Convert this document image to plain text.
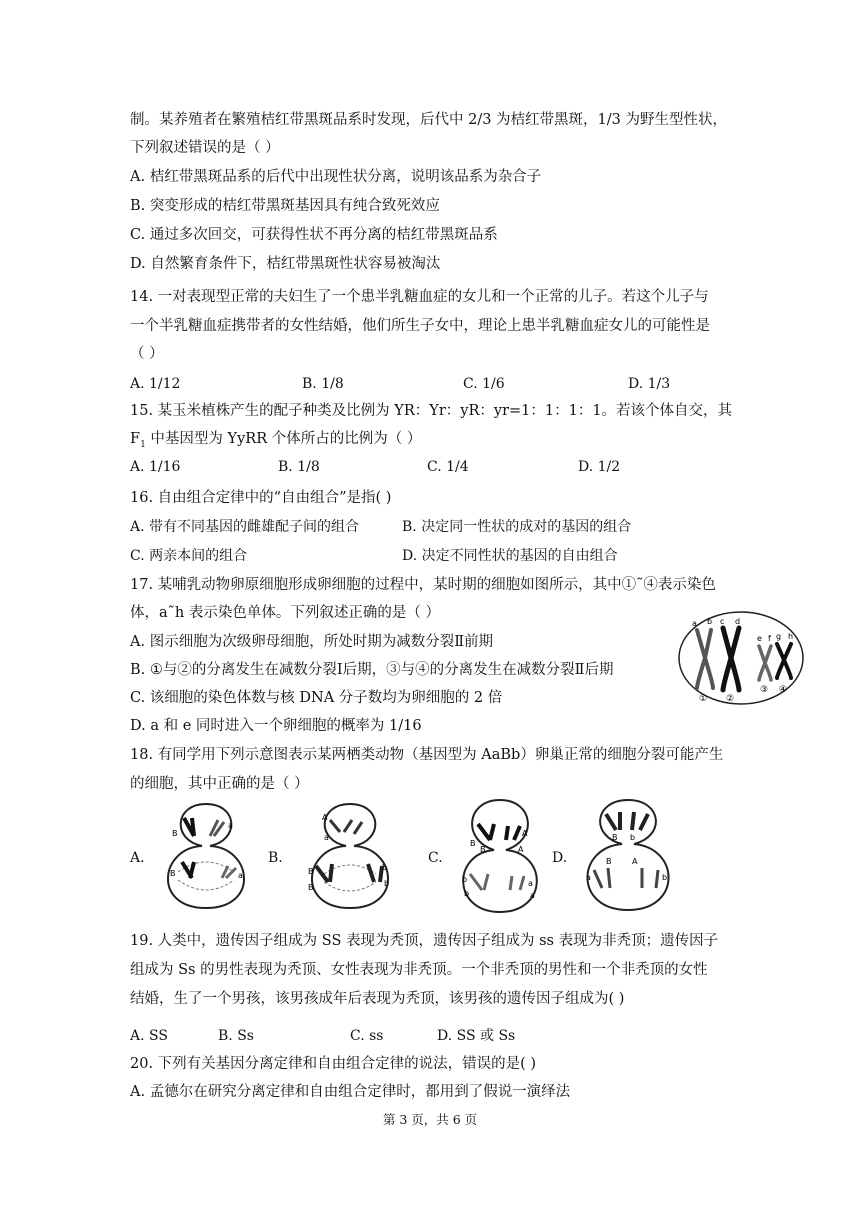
制。某养殖者在繁殖桔红带黑斑品系时发现，后代中 2/3 为桔红带黑斑，1/3 为野生型性状，
下列叙述错误的是（ ）
A. 桔红带黑斑品系的后代中出现性状分离，说明该品系为杂合子
B. 突变形成的桔红带黑斑基因具有纯合致死效应
C. 通过多次回交，可获得性状不再分离的桔红带黑斑品系
D. 自然繁育条件下，桔红带黑斑性状容易被淘汰
14. 一对表现型正常的夫妇生了一个患半乳糖血症的女儿和一个正常的儿子。若这个儿子与
一个半乳糖血症携带者的女性结婚，他们所生子女中，理论上患半乳糖血症女儿的可能性是
（ ）
A. 1/12	B. 1/8	C. 1/6	D. 1/3
15. 某玉米植株产生的配子种类及比例为 YR：Yr：yR：yr=1：1：1：1。若该个体自交，其
$F_1$ 中基因型为 YyRR 个体所占的比例为（ ）
A. 1/16	B. 1/8	C. 1/4	D. 1/2
16. 自由组合定律中的“自由组合”是指( )
A. 带有不同基因的雌雄配子间的组合	B. 决定同一性状的成对的基因的组合
C. 两亲本间的组合	D. 决定不同性状的基因的自由组合
17. 某哺乳动物卵原细胞形成卵细胞的过程中，某时期的细胞如图所示，其中①˜④表示染色
体，a˜h 表示染色单体。下列叙述正确的是（ ）
A. 图示细胞为次级卵母细胞，所处时期为减数分裂Ⅱ前期
B. ①与②的分离发生在减数分裂Ⅰ后期，③与④的分离发生在减数分裂Ⅱ后期
C. 该细胞的染色体数与核 DNA 分子数均为卵细胞的 2 倍
D. a 和 e 同时进入一个卵细胞的概率为 1/16
a b c d
e f g h
① ②
③ ④
18. 有同学用下列示意图表示某两栖类动物（基因型为 AaBb）卵巢正常的细胞分裂可能产生
的细胞，其中正确的是（ ）
A.	B.	C.	D.
B
a
B	a
A
a
B
B
b
b
B
B
A
A
b
b
a
a
B b
a
B	A
b
19. 人类中，遗传因子组成为 SS 表现为秃顶，遗传因子组成为 ss 表现为非秃顶；遗传因子
组成为 Ss 的男性表现为秃顶、女性表现为非秃顶。一个非秃顶的男性和一个非秃顶的女性
结婚，生了一个男孩，该男孩成年后表现为秃顶，该男孩的遗传因子组成为( )
A. SS	B. Ss	C. ss	D. SS 或 Ss
20. 下列有关基因分离定律和自由组合定律的说法，错误的是( )
A. 孟德尔在研究分离定律和自由组合定律时，都用到了假说一演绎法
第 3 页，共 6 页
